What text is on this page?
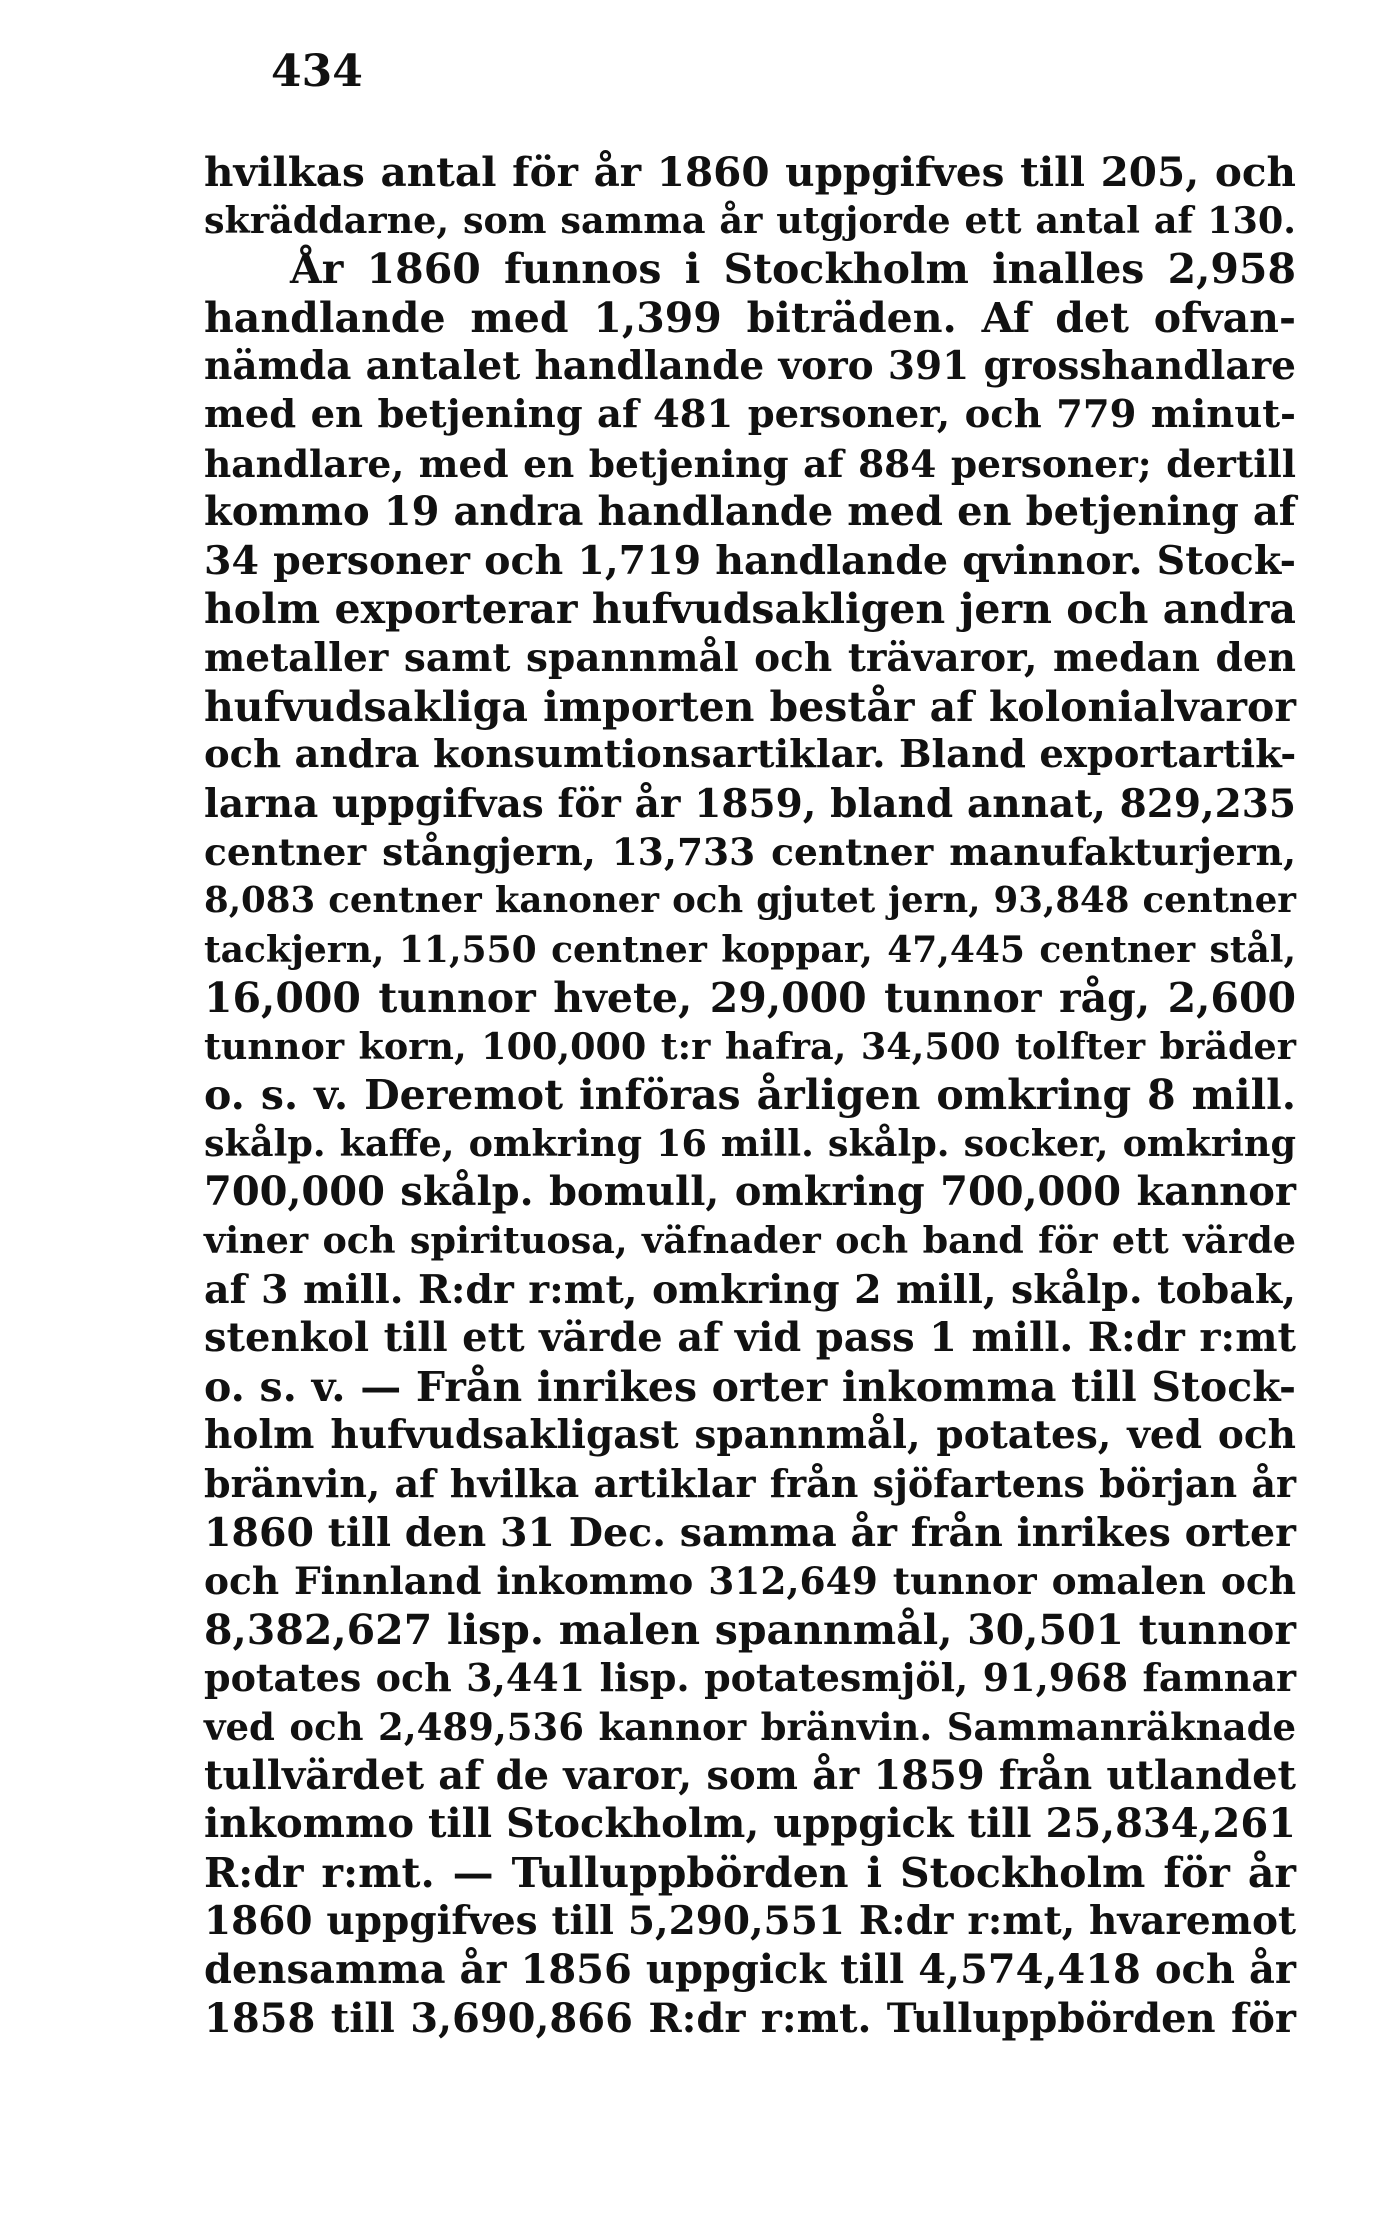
434
hvilkas antal för år 1860 uppgifves till 205, och
skräddarne, som samma år utgjorde ett antal af 130.
År 1860 funnos i Stockholm inalles 2,958
handlande med 1,399 biträden. Af det ofvan-
nämda antalet handlande voro 391 grosshandlare
med en betjening af 481 personer, och 779 minut-
handlare, med en betjening af 884 personer; dertill
kommo 19 andra handlande med en betjening af
34 personer och 1,719 handlande qvinnor. Stock-
holm exporterar hufvudsakligen jern och andra
metaller samt spannmål och trävaror, medan den
hufvudsakliga importen består af kolonialvaror
och andra konsumtionsartiklar. Bland exportartik-
larna uppgifvas för år 1859, bland annat, 829,235
centner stångjern, 13,733 centner manufakturjern,
8,083 centner kanoner och gjutet jern, 93,848 centner
tackjern, 11,550 centner koppar, 47,445 centner stål,
16,000 tunnor hvete, 29,000 tunnor råg, 2,600
tunnor korn, 100,000 t:r hafra, 34,500 tolfter bräder
o. s. v. Deremot införas årligen omkring 8 mill.
skålp. kaffe, omkring 16 mill. skålp. socker, omkring
700,000 skålp. bomull, omkring 700,000 kannor
viner och spirituosa, väfnader och band för ett värde
af 3 mill. R:dr r:mt, omkring 2 mill, skålp. tobak,
stenkol till ett värde af vid pass 1 mill. R:dr r:mt
o. s. v. — Från inrikes orter inkomma till Stock-
holm hufvudsakligast spannmål, potates, ved och
bränvin, af hvilka artiklar från sjöfartens början år
1860 till den 31 Dec. samma år från inrikes orter
och Finnland inkommo 312,649 tunnor omalen och
8,382,627 lisp. malen spannmål, 30,501 tunnor
potates och 3,441 lisp. potatesmjöl, 91,968 famnar
ved och 2,489,536 kannor bränvin. Sammanräknade
tullvärdet af de varor, som år 1859 från utlandet
inkommo till Stockholm, uppgick till 25,834,261
R:dr r:mt. — Tulluppbörden i Stockholm för år
1860 uppgifves till 5,290,551 R:dr r:mt, hvaremot
densamma år 1856 uppgick till 4,574,418 och år
1858 till 3,690,866 R:dr r:mt. Tulluppbörden för
